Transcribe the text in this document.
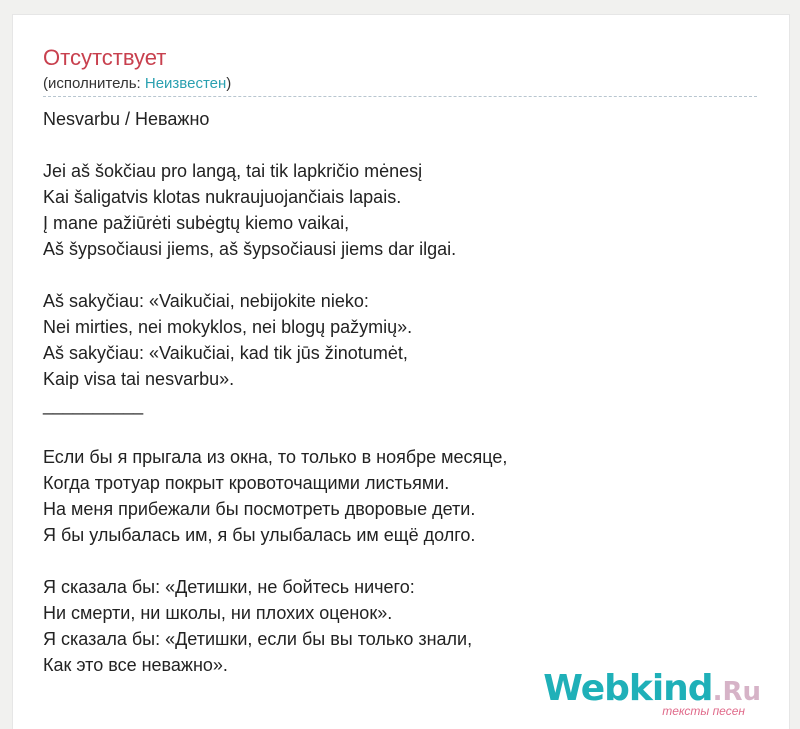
Отсутствует
(исполнитель: Неизвестен)
Nesvarbu / Неважно
Jei aš šokčiau pro langą, tai tik lapkričio mėnesį
Kai šaligatvis klotas nukraujuojančiais lapais.
Į mane pažiūrėti subėgtų kiemo vaikai,
Aš šypsočiausi jiems, aš šypsočiausi jiems dar ilgai.
Aš sakyčiau: «Vaikučiai, nebijokite nieko:
Nei mirties, nei mokyklos, nei blogų pažymių».
Aš sakyčiau: «Vaikučiai, kad tik jūs žinotumėt,
Kaip visa tai nesvarbu».
__________
Если бы я прыгала из окна, то только в ноябре месяце,
Когда тротуар покрыт кровоточащими листьями.
На меня прибежали бы посмотреть дворовые дети.
Я бы улыбалась им, я бы улыбалась им ещё долго.
Я сказала бы: «Детишки, не бойтесь ничего:
Ни смерти, ни школы, ни плохих оценок».
Я сказала бы: «Детишки, если бы вы только знали,
Как это все неважно».
Webkind.Ru
тексты песен
